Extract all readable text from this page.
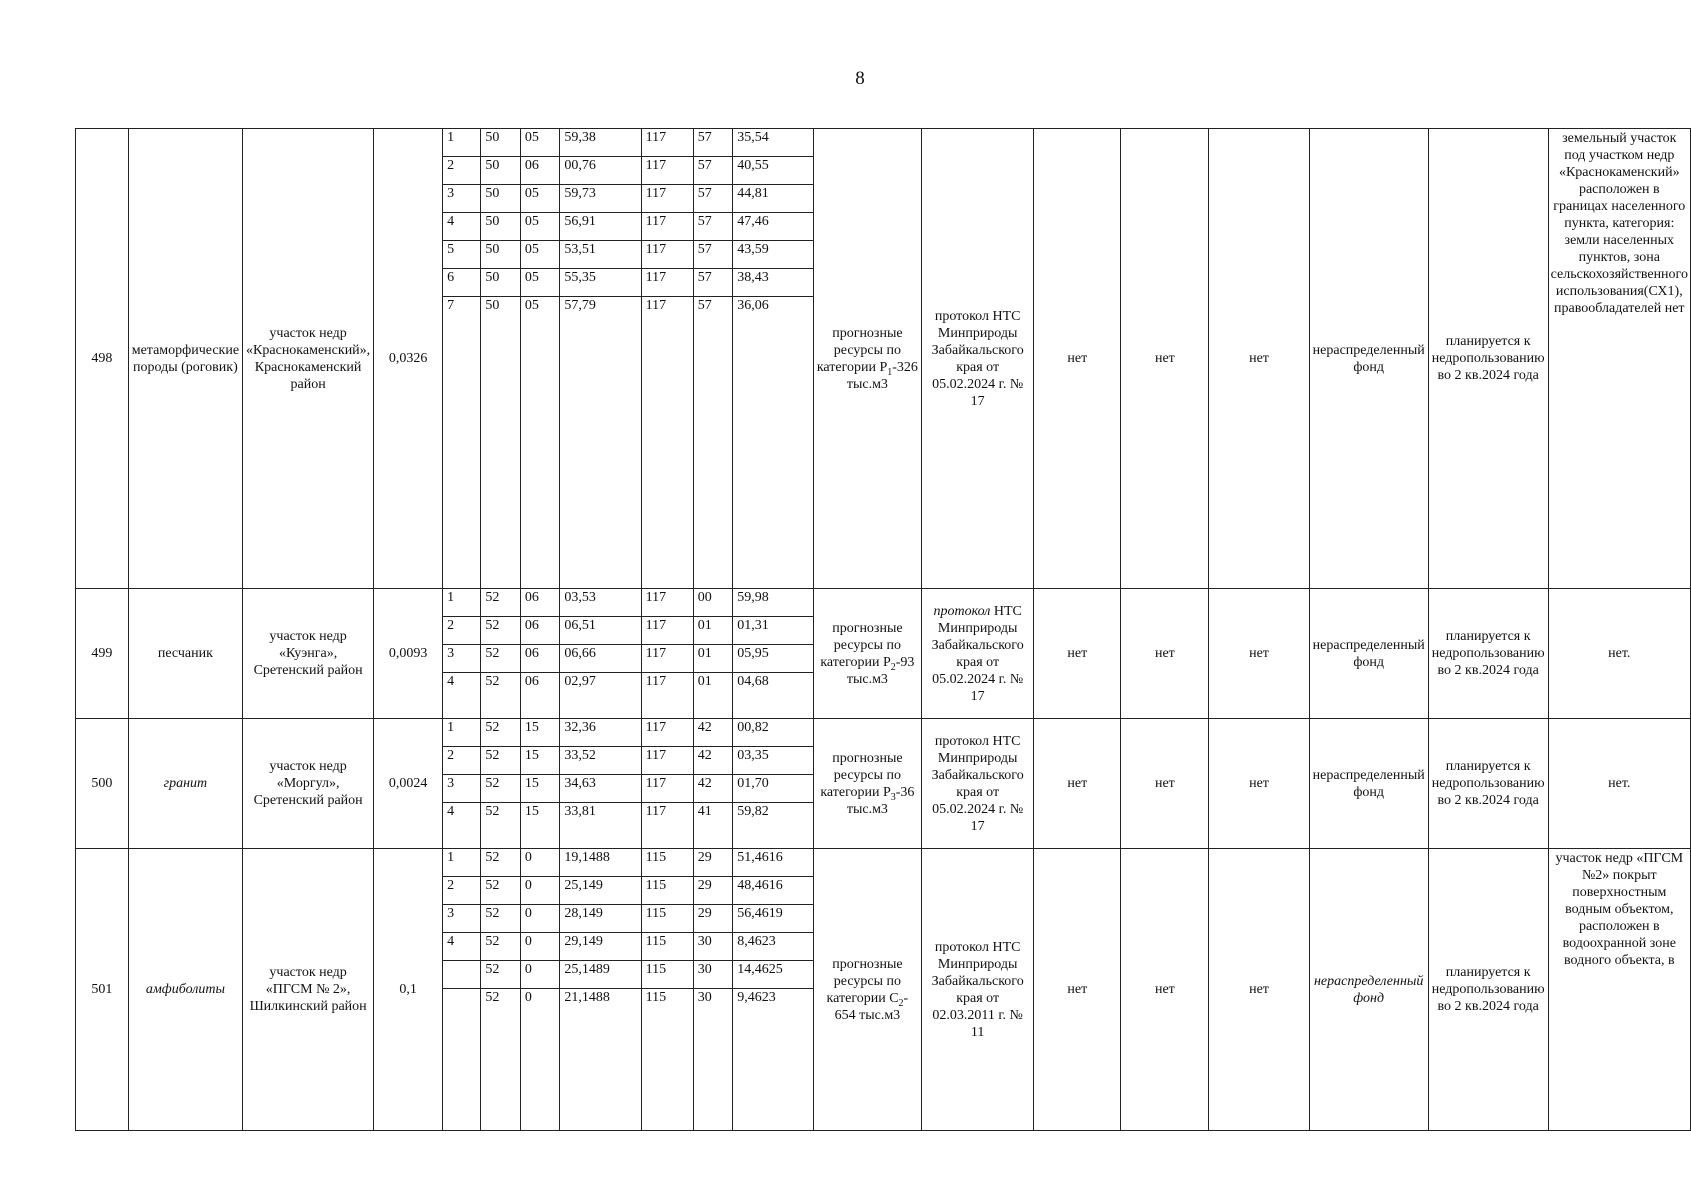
8
498	метаморфические породы (роговик)	участок недр «Краснокаменский», Краснокаменский район	0,0326	1	50	05	59,38	117	57	35,54	прогнозные ресурсы по категории $Р_1-326$ тыс.м3	протокол НТС Минприроды Забайкальского края от 05.02.2024 г. № 17	нет	нет	нет	нераспределенный фонд	планируется к недропользованию во 2 кв.2024 года	земельный участок под участком недр «Краснокаменский» расположен в границах населенного пункта, категория: земли населенных пунктов, зона сельскохозяйственного использования(СХ1), правообладателей нет
				2	50	06	00,76	117	57	40,55								
				3	50	05	59,73	117	57	44,81								
				4	50	05	56,91	117	57	47,46								
				5	50	05	53,51	117	57	43,59								
				6	50	05	55,35	117	57	38,43								
				7	50	05	57,79	117	57	36,06								
499	песчаник	участок недр «Куэнга», Сретенский район	0,0093	1	52	06	03,53	117	00	59,98	прогнозные ресурсы по категории $Р_2-93$ тыс.м3	протокол НТС Минприроды Забайкальского края от 05.02.2024 г. № 17	нет	нет	нет	нераспределенный фонд	планируется к недропользованию во 2 кв.2024 года	нет.
				2	52	06	06,51	117	01	01,31								
				3	52	06	06,66	117	01	05,95								
				4	52	06	02,97	117	01	04,68								
500	гранит	участок недр «Моргул», Сретенский район	0,0024	1	52	15	32,36	117	42	00,82	прогнозные ресурсы по категории $Р_3-36$ тыс.м3	протокол НТС Минприроды Забайкальского края от 05.02.2024 г. № 17	нет	нет	нет	нераспределенный фонд	планируется к недропользованию во 2 кв.2024 года	нет.
				2	52	15	33,52	117	42	03,35								
				3	52	15	34,63	117	42	01,70								
				4	52	15	33,81	117	41	59,82								
501	амфиболиты	участок недр «ПГСМ № 2», Шилкинский район	0,1	1	52	0	19,1488	115	29	51,4616	прогнозные ресурсы по категории $С_2-654$ тыс.м3	протокол НТС Минприроды Забайкальского края от 02.03.2011 г. № 11	нет	нет	нет	нераспределенный фонд	планируется к недропользованию во 2 кв.2024 года	участок недр «ПГСМ №2» покрыт поверхностным водным объектом, расположен в водоохранной зоне водного объекта, в
				2	52	0	25,149	115	29	48,4616								
				3	52	0	28,149	115	29	56,4619								
				4	52	0	29,149	115	30	8,4623								
					52	0	25,1489	115	30	14,4625								
					52	0	21,1488	115	30	9,4623								
